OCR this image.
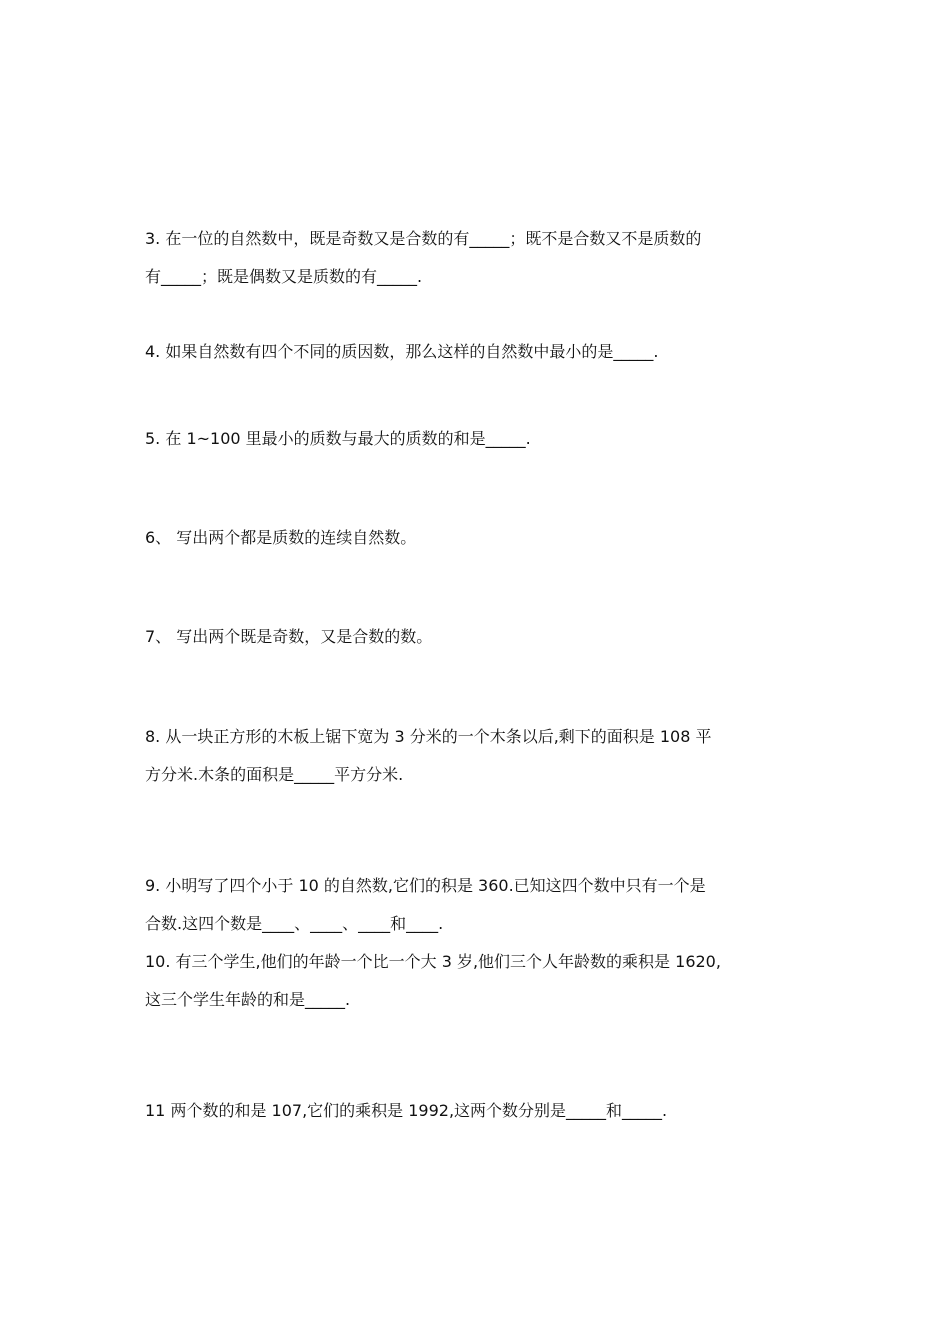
3. 在一位的自然数中，既是奇数又是合数的有_____；既不是合数又不是质数的
有_____；既是偶数又是质数的有_____.
4. 如果自然数有四个不同的质因数，那么这样的自然数中最小的是_____.
5. 在 1~100 里最小的质数与最大的质数的和是_____.
6、 写出两个都是质数的连续自然数。
7、 写出两个既是奇数，又是合数的数。
8. 从一块正方形的木板上锯下宽为 3 分米的一个木条以后,剩下的面积是 108 平
方分米.木条的面积是_____平方分米.
9. 小明写了四个小于 10 的自然数,它们的积是 360.已知这四个数中只有一个是
合数.这四个数是____、____、____和____.
10. 有三个学生,他们的年龄一个比一个大 3 岁,他们三个人年龄数的乘积是 1620,
这三个学生年龄的和是_____.
11 两个数的和是 107,它们的乘积是 1992,这两个数分别是_____和_____.
